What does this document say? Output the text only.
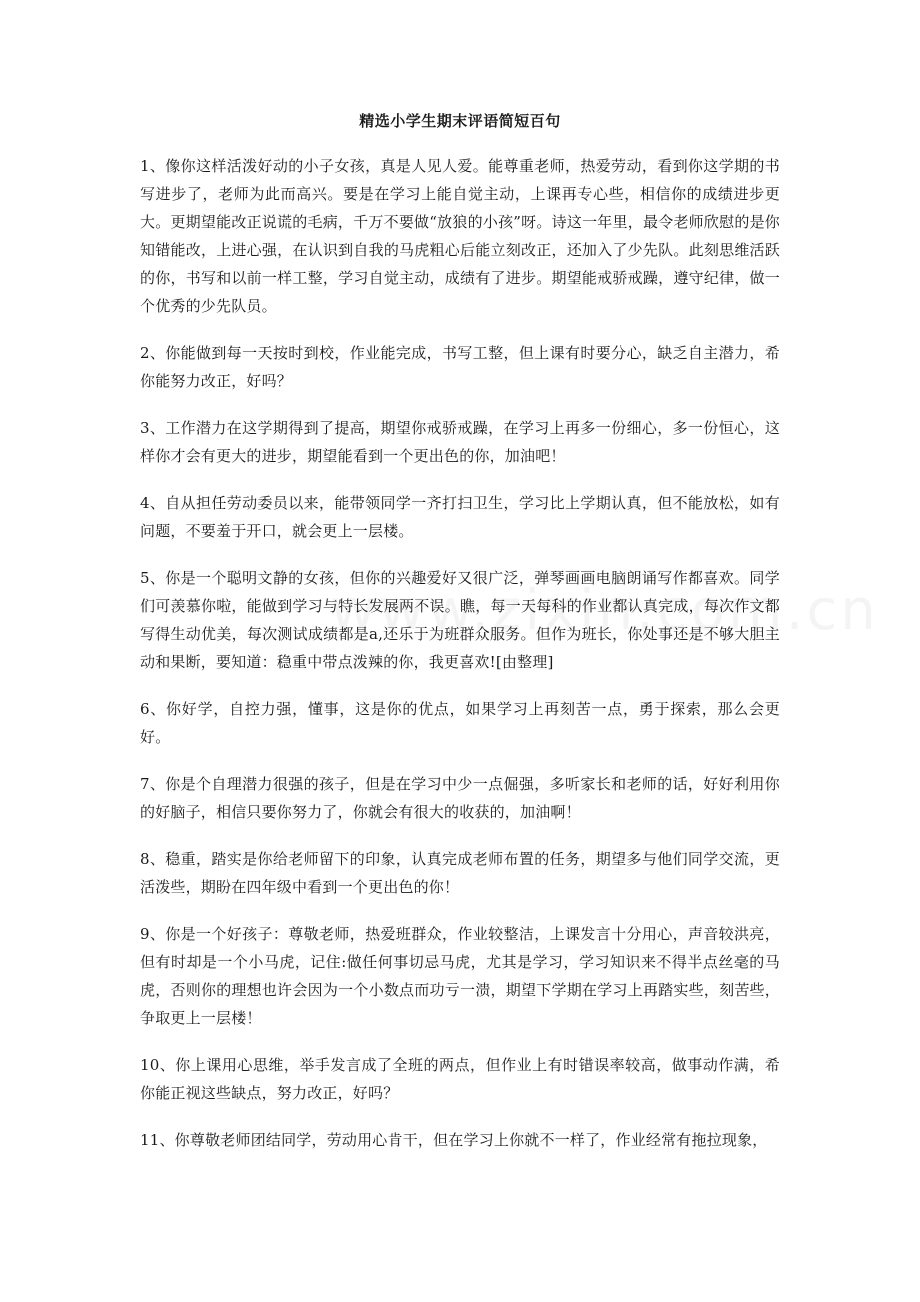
精选小学生期末评语简短百句

1、像你这样活泼好动的小子女孩，真是人见人爱。能尊重老师，热爱劳动，看到你这学期的书写进步了，老师为此而高兴。要是在学习上能自觉主动，上课再专心些，相信你的成绩进步更大。更期望能改正说谎的毛病，千万不要做“放狼的小孩”呀。诗这一年里，最令老师欣慰的是你知错能改，上进心强，在认识到自我的马虎粗心后能立刻改正，还加入了少先队。此刻思维活跃的你，书写和以前一样工整，学习自觉主动，成绩有了进步。期望能戒骄戒躁，遵守纪律，做一个优秀的少先队员。

2、你能做到每一天按时到校，作业能完成，书写工整，但上课有时要分心，缺乏自主潜力，希你能努力改正，好吗？

3、工作潜力在这学期得到了提高，期望你戒骄戒躁，在学习上再多一份细心，多一份恒心，这样你才会有更大的进步，期望能看到一个更出色的你，加油吧！

4、自从担任劳动委员以来，能带领同学一齐打扫卫生，学习比上学期认真，但不能放松，如有问题，不要羞于开口，就会更上一层楼。

5、你是一个聪明文静的女孩，但你的兴趣爱好又很广泛，弹琴画画电脑朗诵写作都喜欢。同学们可羡慕你啦，能做到学习与特长发展两不误。瞧，每一天每科的作业都认真完成，每次作文都写得生动优美，每次测试成绩都是a,还乐于为班群众服务。但作为班长，你处事还是不够大胆主动和果断，要知道：稳重中带点泼辣的你，我更喜欢![由整理]

6、你好学，自控力强，懂事，这是你的优点，如果学习上再刻苦一点，勇于探索，那么会更好。

7、你是个自理潜力很强的孩子，但是在学习中少一点倔强，多听家长和老师的话，好好利用你的好脑子，相信只要你努力了，你就会有很大的收获的，加油啊！

8、稳重，踏实是你给老师留下的印象，认真完成老师布置的任务，期望多与他们同学交流，更活泼些，期盼在四年级中看到一个更出色的你！

9、你是一个好孩子：尊敬老师，热爱班群众，作业较整洁，上课发言十分用心，声音较洪亮，但有时却是一个小马虎，记住:做任何事切忌马虎，尤其是学习，学习知识来不得半点丝毫的马虎，否则你的理想也许会因为一个小数点而功亏一溃，期望下学期在学习上再踏实些，刻苦些，争取更上一层楼！

10、你上课用心思维，举手发言成了全班的两点，但作业上有时错误率较高，做事动作满，希你能正视这些缺点，努力改正，好吗？

11、你尊敬老师团结同学，劳动用心肯干，但在学习上你就不一样了，作业经常有拖拉现象，
